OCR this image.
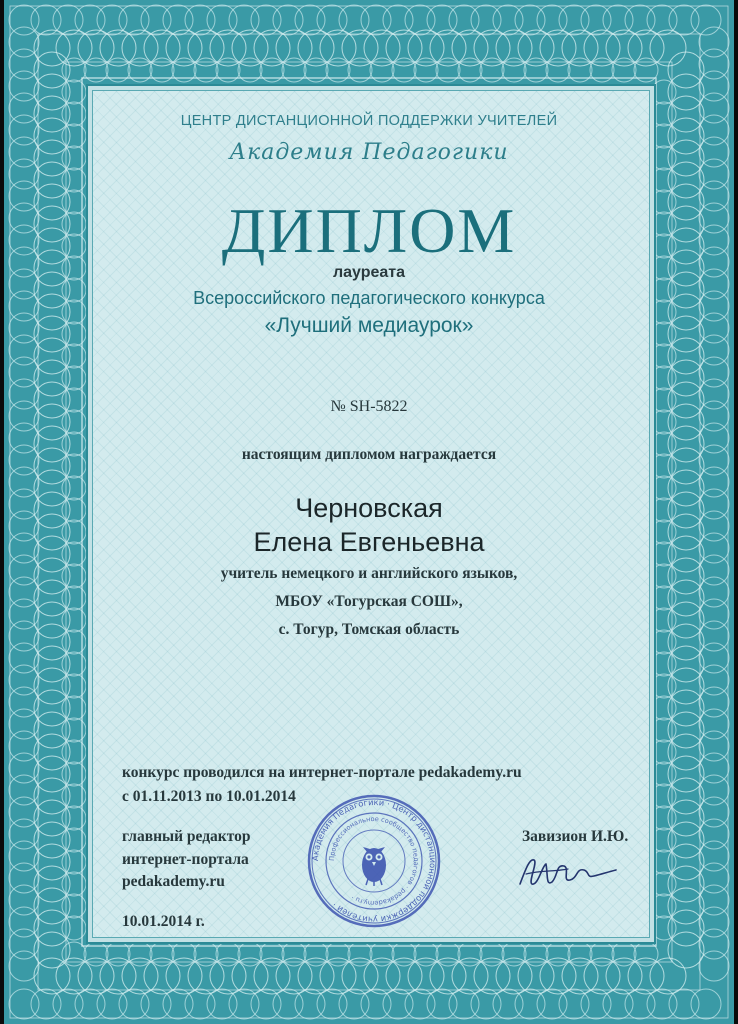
ЦЕНТР ДИСТАНЦИОННОЙ ПОДДЕРЖКИ УЧИТЕЛЕЙ
Академия Педагогики
ДИПЛОМ
лауреата
Всероссийского педагогического конкурса
«Лучший медиаурок»
№ SH-5822
настоящим дипломом награждается
Черновская
Елена Евгеньевна
учитель немецкого и английского языков,
МБОУ «Тогурская СОШ»,
с. Тогур, Томская область
конкурс проводился на интернет-портале pedakademy.ru
с 01.11.2013 по 10.01.2014
главный редактор
интернет-портала
pedakademy.ru
10.01.2014 г.
Завизион И.Ю.
Академия Педагогики · Центр дистанционной поддержки учителей ·
Профессиональное сообщество педагогов · pedakademy.ru ·
